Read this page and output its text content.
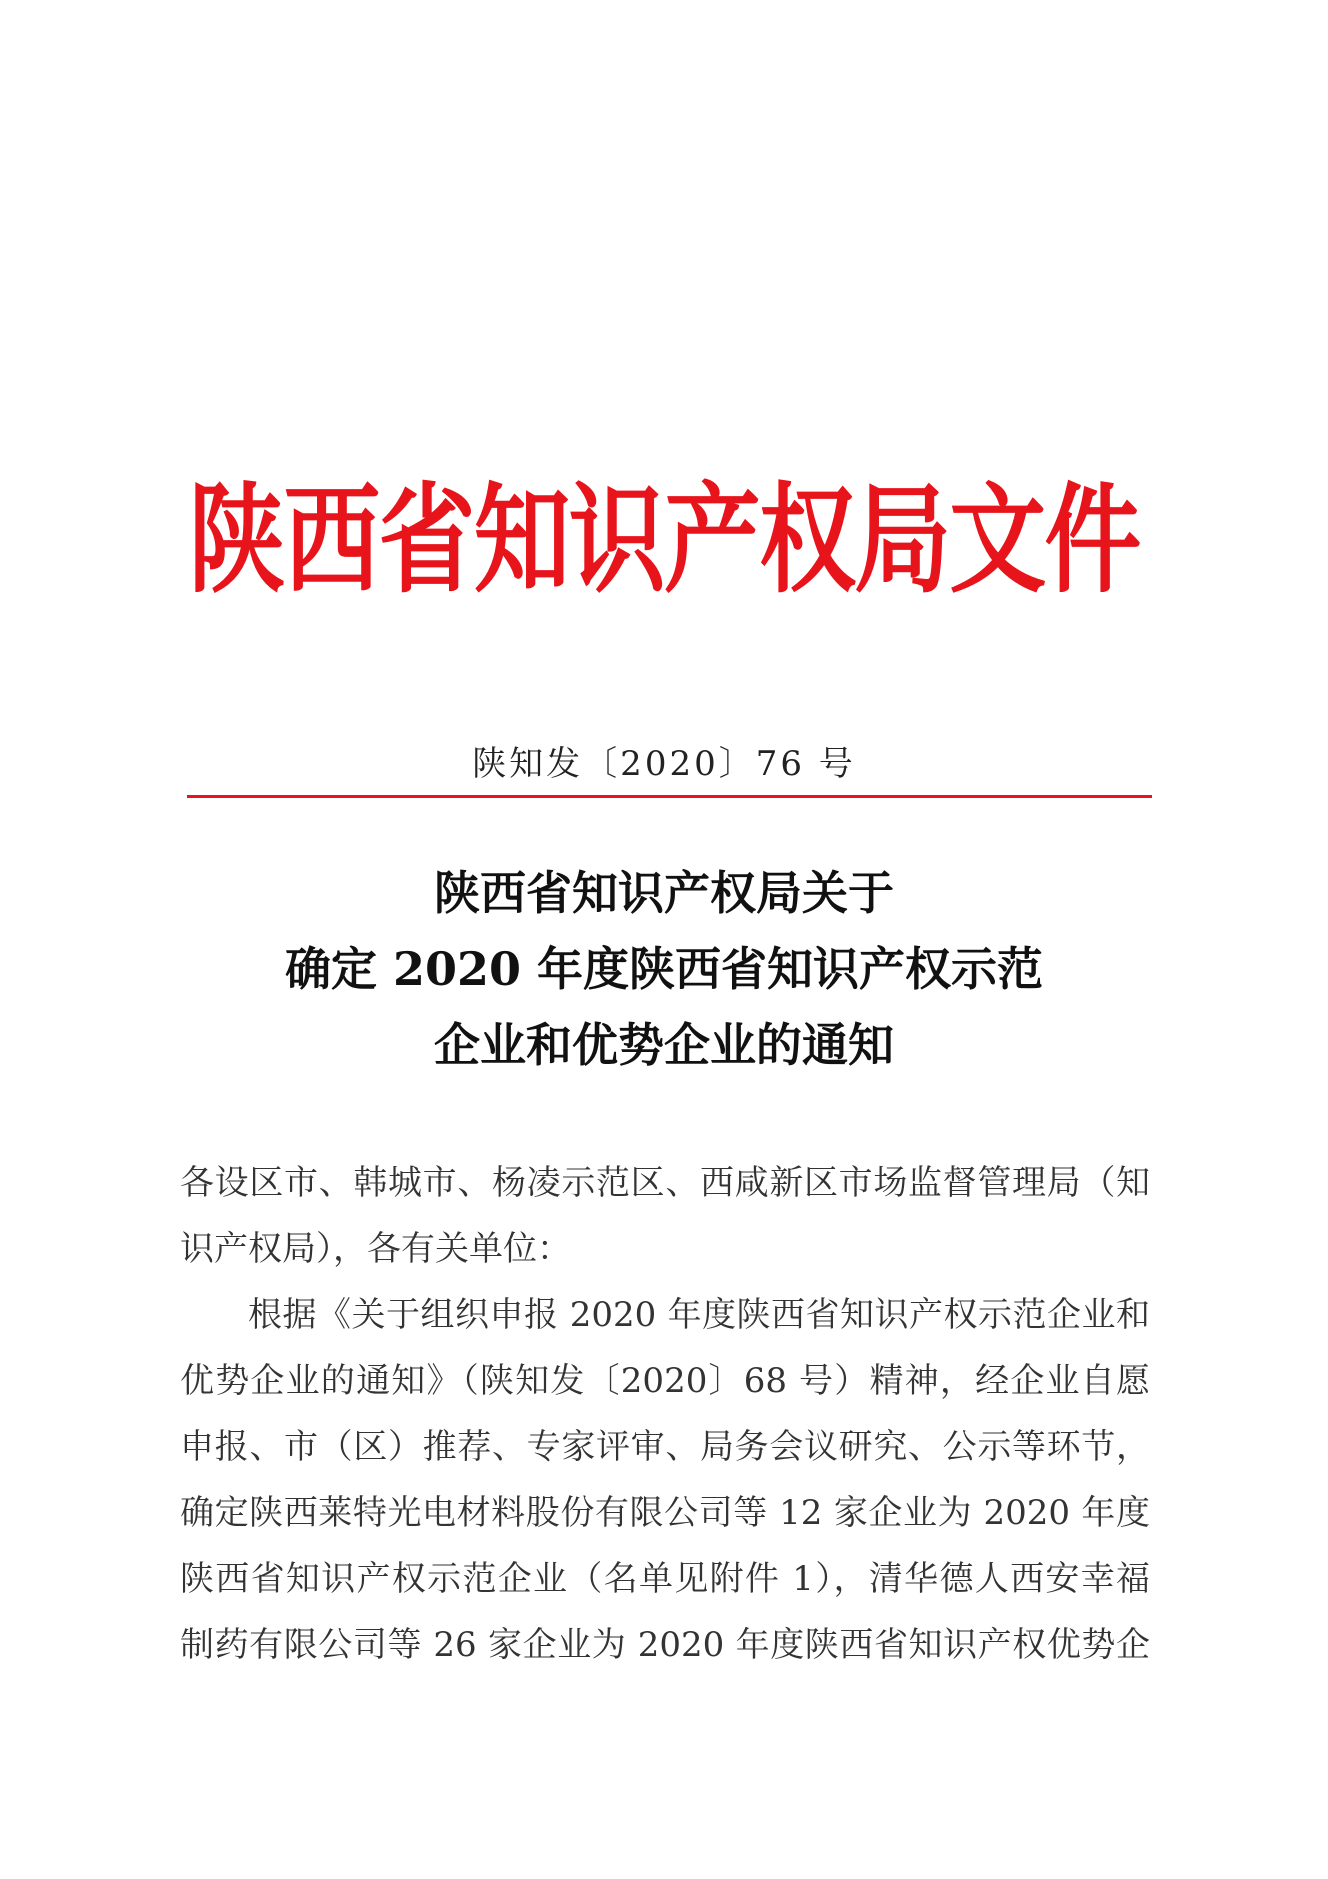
陕西省知识产权局文件
陕知发〔2020〕76 号
陕西省知识产权局关于
确定 2020 年度陕西省知识产权示范
企业和优势企业的通知
各设区市、韩城市、杨凌示范区、西咸新区市场监督管理局（知
识产权局），各有关单位：
根据《关于组织申报 2020 年度陕西省知识产权示范企业和
优势企业的通知》（陕知发〔2020〕68 号）精神，经企业自愿
申报、市（区）推荐、专家评审、局务会议研究、公示等环节，
确定陕西莱特光电材料股份有限公司等 12 家企业为 2020 年度
陕西省知识产权示范企业（名单见附件 1），清华德人西安幸福
制药有限公司等 26 家企业为 2020 年度陕西省知识产权优势企
